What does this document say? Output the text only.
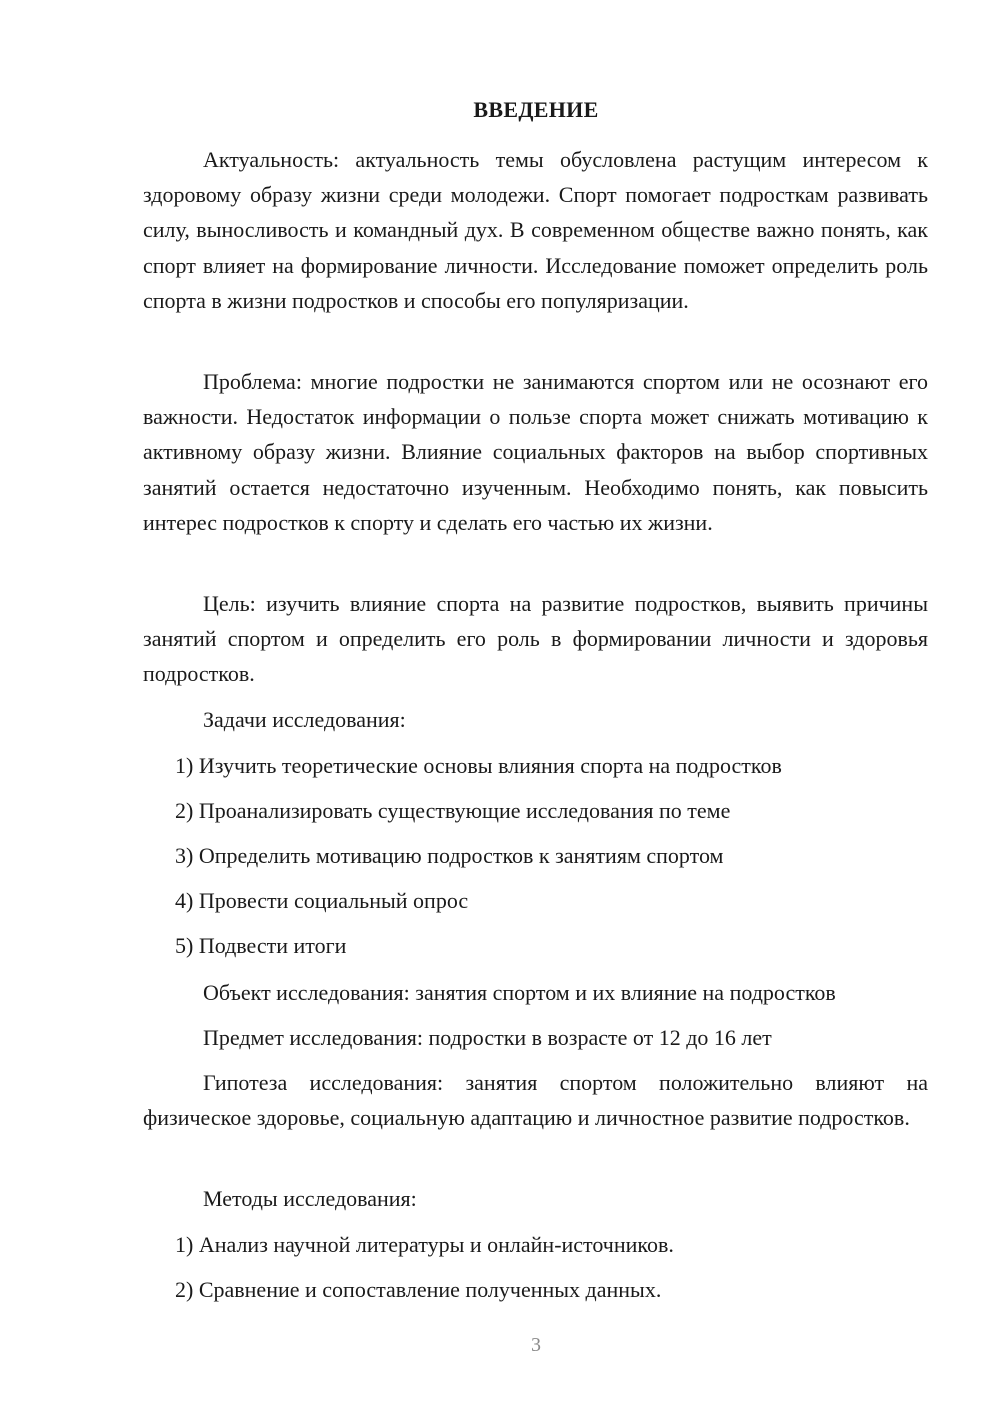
ВВЕДЕНИЕ

Актуальность: актуальность темы обусловлена растущим интересом к здоровому образу жизни среди молодежи. Спорт помогает подросткам развивать силу, выносливость и командный дух. В современном обществе важно понять, как спорт влияет на формирование личности. Исследование поможет определить роль спорта в жизни подростков и способы его популяризации.

Проблема: многие подростки не занимаются спортом или не осознают его важности. Недостаток информации о пользе спорта может снижать мотивацию к активному образу жизни. Влияние социальных факторов на выбор спортивных занятий остается недостаточно изученным. Необходимо понять, как повысить интерес подростков к спорту и сделать его частью их жизни.

Цель: изучить влияние спорта на развитие подростков, выявить причины занятий спортом и определить его роль в формировании личности и здоровья подростков.

Задачи исследования:
1) Изучить теоретические основы влияния спорта на подростков
2) Проанализировать существующие исследования по теме
3) Определить мотивацию подростков к занятиям спортом
4) Провести социальный опрос
5) Подвести итоги
Объект исследования: занятия спортом и их влияние на подростков
Предмет исследования: подростки в возрасте от 12 до 16 лет

Гипотеза исследования: занятия спортом положительно влияют на физическое здоровье, социальную адаптацию и личностное развитие подростков.

Методы исследования:
1) Анализ научной литературы и онлайн-источников.
2) Сравнение и сопоставление полученных данных.
3
